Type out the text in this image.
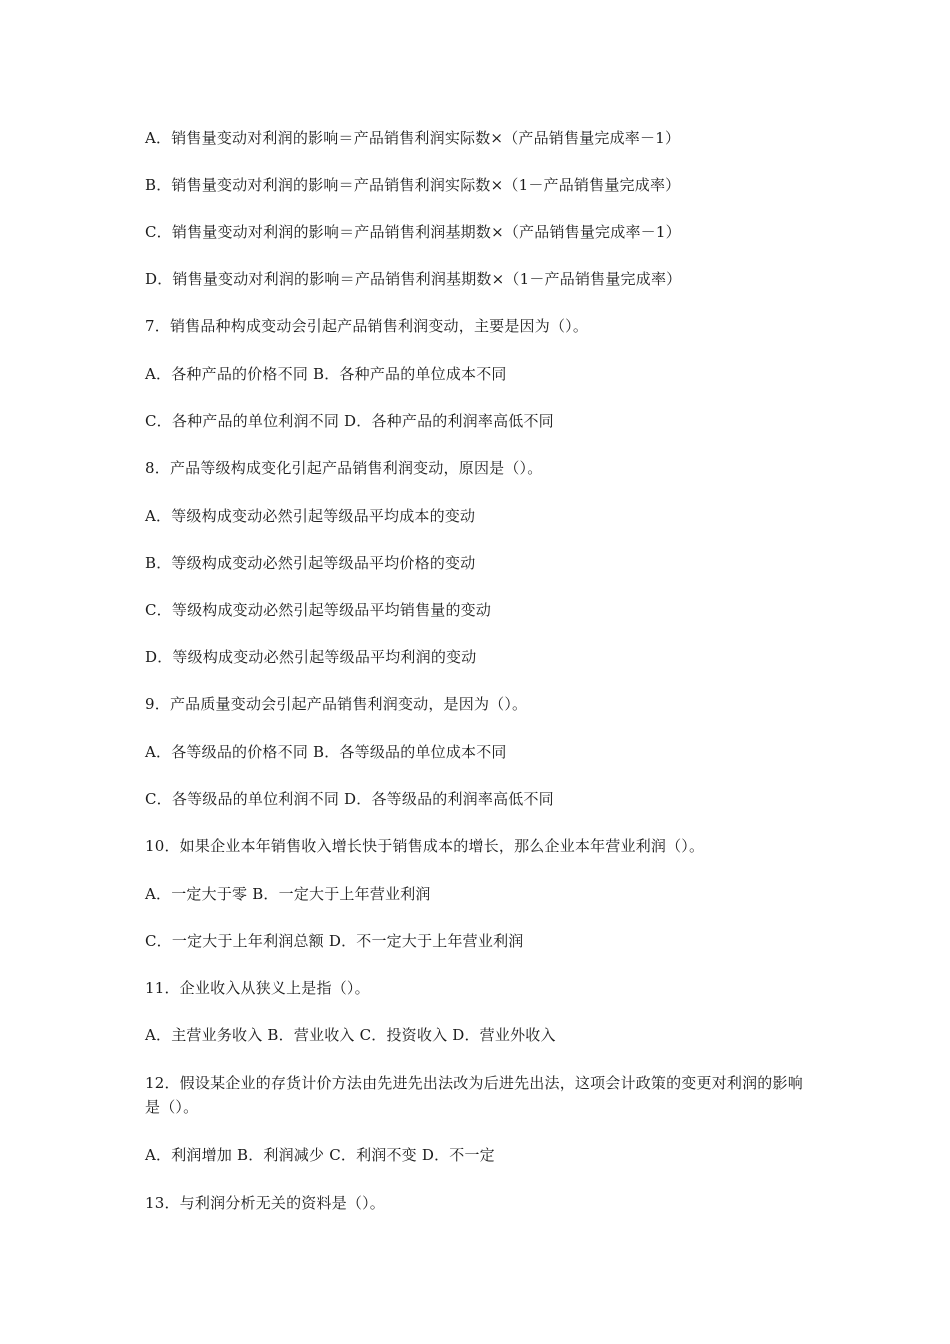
A．销售量变动对利润的影响＝产品销售利润实际数×（产品销售量完成率－1）
B．销售量变动对利润的影响＝产品销售利润实际数×（1－产品销售量完成率）
C．销售量变动对利润的影响＝产品销售利润基期数×（产品销售量完成率－1）
D．销售量变动对利润的影响＝产品销售利润基期数×（1－产品销售量完成率）
7．销售品种构成变动会引起产品销售利润变动，主要是因为（）。
A．各种产品的价格不同 B．各种产品的单位成本不同
C．各种产品的单位利润不同 D．各种产品的利润率高低不同
8．产品等级构成变化引起产品销售利润变动，原因是（）。
A．等级构成变动必然引起等级品平均成本的变动
B．等级构成变动必然引起等级品平均价格的变动
C．等级构成变动必然引起等级品平均销售量的变动
D．等级构成变动必然引起等级品平均利润的变动
9．产品质量变动会引起产品销售利润变动，是因为（）。
A．各等级品的价格不同 B．各等级品的单位成本不同
C．各等级品的单位利润不同 D．各等级品的利润率高低不同
10．如果企业本年销售收入增长快于销售成本的增长，那么企业本年营业利润（）。
A．一定大于零 B．一定大于上年营业利润
C．一定大于上年利润总额 D．不一定大于上年营业利润
11．企业收入从狭义上是指（）。
A．主营业务收入 B．营业收入 C．投资收入 D．营业外收入
12．假设某企业的存货计价方法由先进先出法改为后进先出法，这项会计政策的变更对利润的影响是（）。
A．利润增加 B．利润减少 C．利润不变 D．不一定
13．与利润分析无关的资料是（）。
